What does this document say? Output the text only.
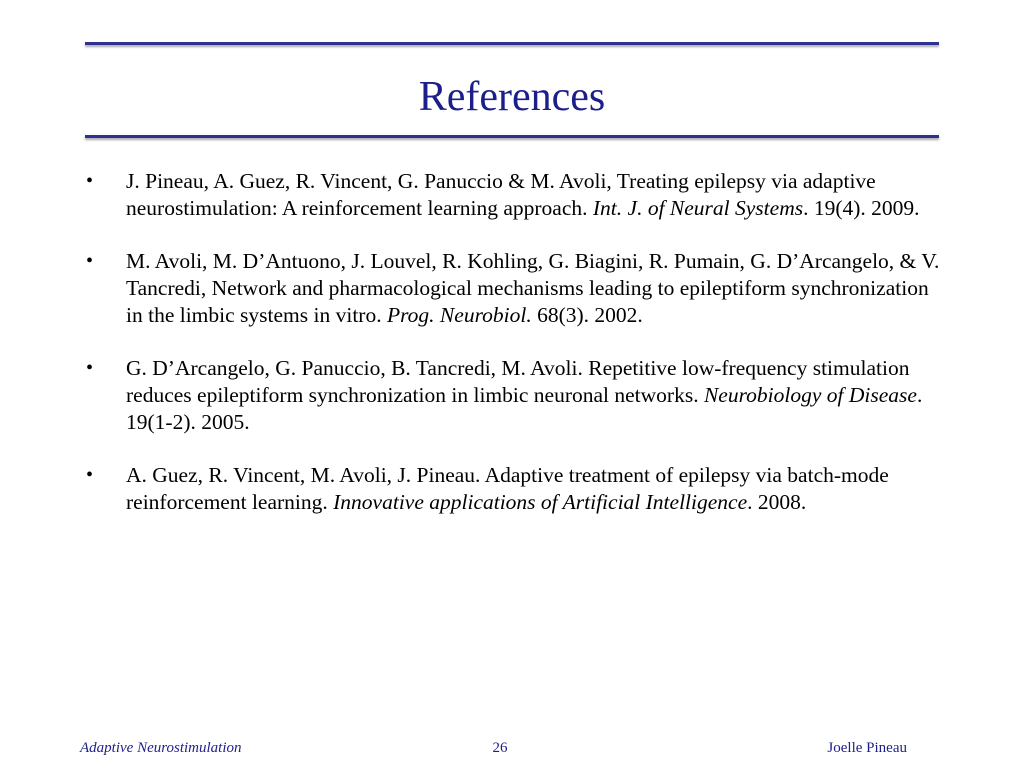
References
• J. Pineau, A. Guez, R. Vincent, G. Panuccio & M. Avoli, Treating epilepsy via adaptive neurostimulation: A reinforcement learning approach. Int. J. of Neural Systems. 19(4). 2009.
• M. Avoli, M. D’Antuono, J. Louvel, R. Kohling, G. Biagini, R. Pumain, G. D’Arcangelo, & V. Tancredi, Network and pharmacological mechanisms leading to epileptiform synchronization in the limbic systems in vitro. Prog. Neurobiol. 68(3). 2002.
• G. D’Arcangelo, G. Panuccio, B. Tancredi, M. Avoli. Repetitive low-frequency stimulation reduces epileptiform synchronization in limbic neuronal networks. Neurobiology of Disease. 19(1-2). 2005.
• A. Guez, R. Vincent, M. Avoli, J. Pineau. Adaptive treatment of epilepsy via batch-mode reinforcement learning. Innovative applications of Artificial Intelligence. 2008.
Adaptive Neurostimulation	26	Joelle Pineau
